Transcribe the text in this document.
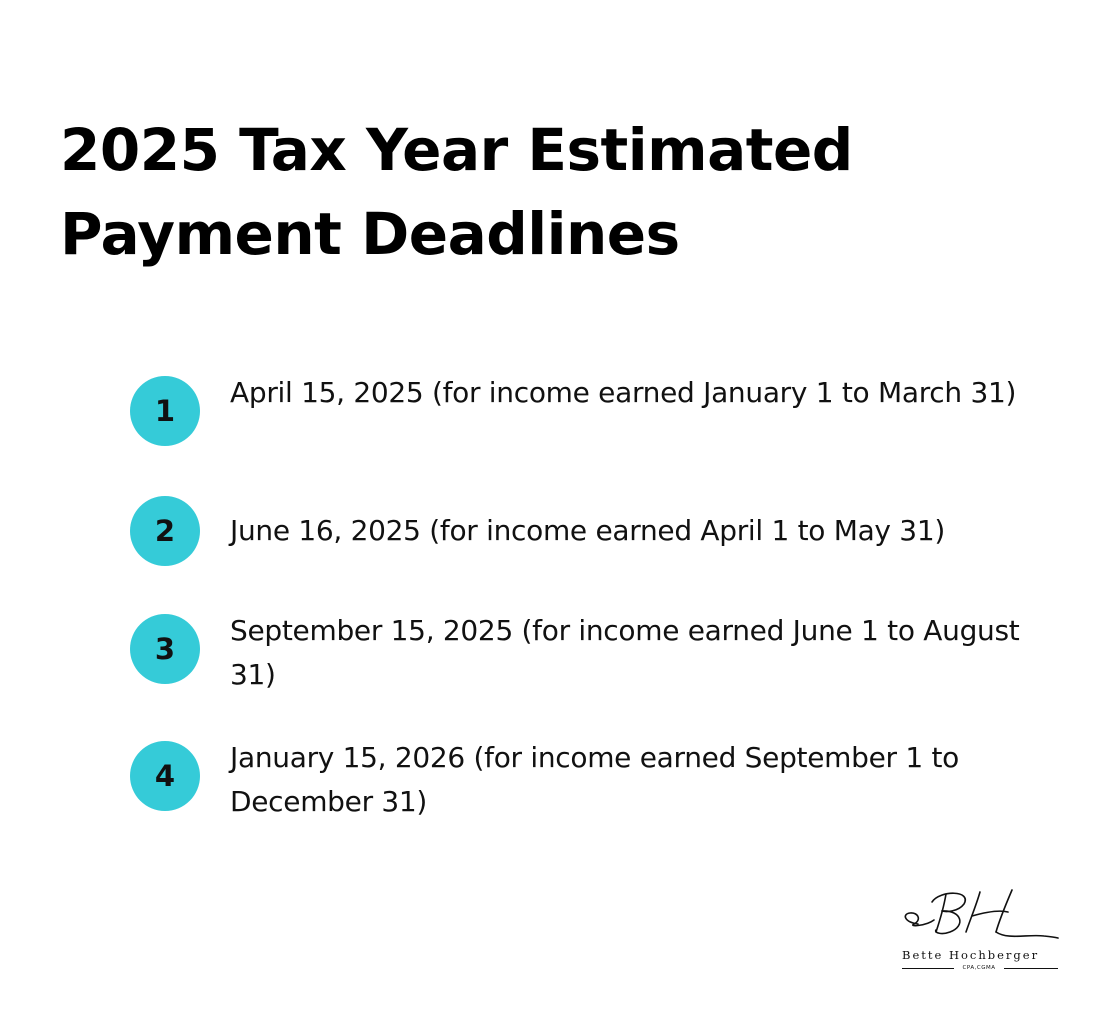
2025 Tax Year Estimated
Payment Deadlines
1
April 15, 2025 (for income earned January 1 to March 31)
2	June 16, 2025 (for income earned April 1 to May 31)
3
September 15, 2025 (for income earned June 1 to August 31)
4
January 15, 2026 (for income earned September 1 to December 31)
Bette Hochberger
CPA,CGMA
